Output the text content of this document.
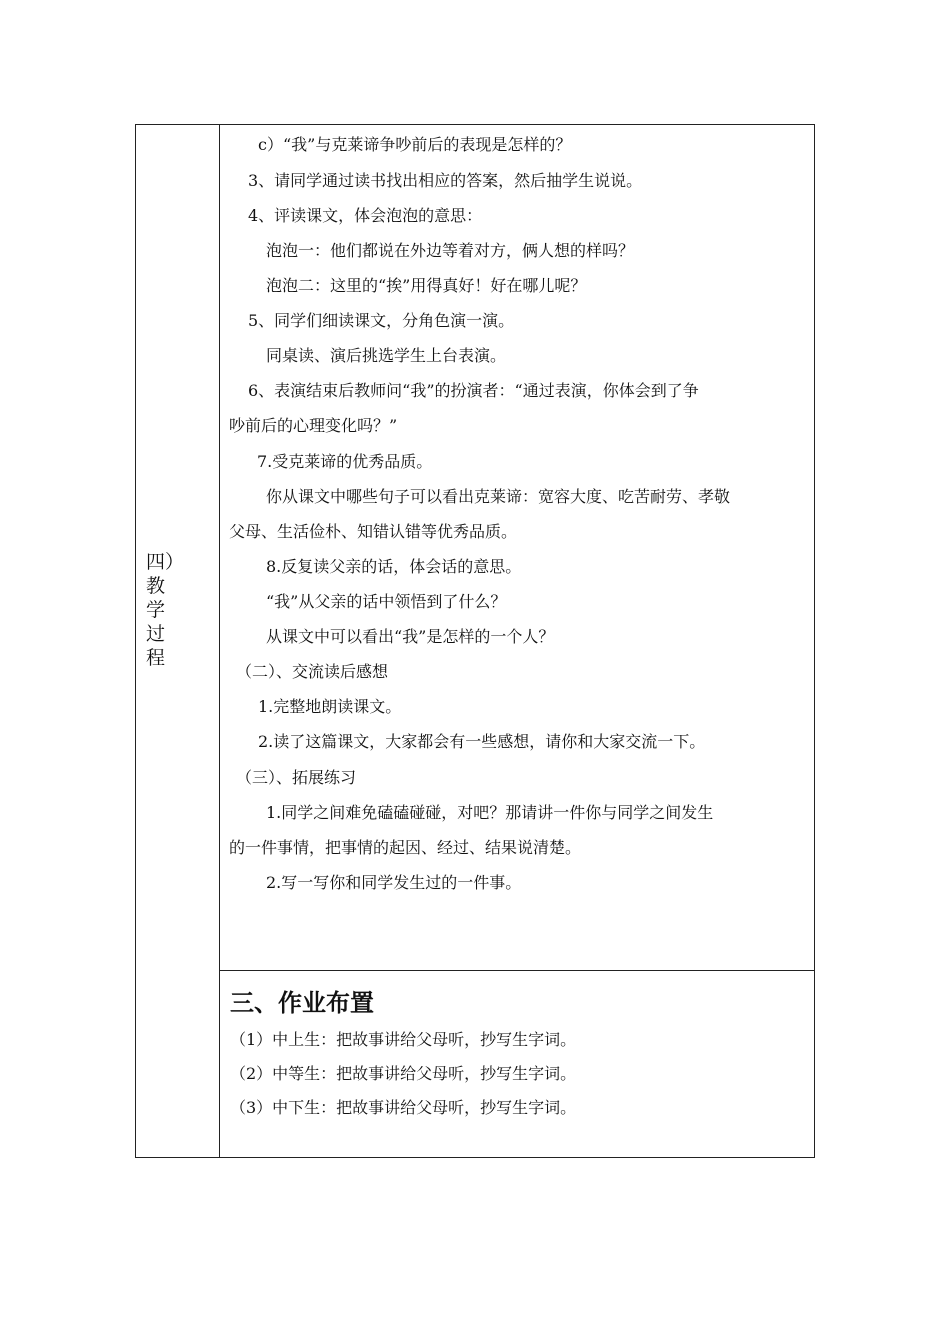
四）
教
学
过
程
c）“我”与克莱谛争吵前后的表现是怎样的？
3、请同学通过读书找出相应的答案，然后抽学生说说。
4、评读课文，体会泡泡的意思：
泡泡一：他们都说在外边等着对方，俩人想的样吗？
泡泡二：这里的“挨”用得真好！好在哪儿呢？
5、同学们细读课文，分角色演一演。
同桌读、演后挑选学生上台表演。
6、表演结束后教师问“我”的扮演者：“通过表演，你体会到了争
吵前后的心理变化吗？”
7.受克莱谛的优秀品质。
你从课文中哪些句子可以看出克莱谛：宽容大度、吃苦耐劳、孝敬
父母、生活俭朴、知错认错等优秀品质。
8.反复读父亲的话，体会话的意思。
“我”从父亲的话中领悟到了什么？
从课文中可以看出“我”是怎样的一个人？
（二）、交流读后感想
1.完整地朗读课文。
2.读了这篇课文，大家都会有一些感想，请你和大家交流一下。
（三）、拓展练习
1.同学之间难免磕磕碰碰，对吧？那请讲一件你与同学之间发生
的一件事情，把事情的起因、经过、结果说清楚。
2.写一写你和同学发生过的一件事。
三、作业布置
（1）中上生：把故事讲给父母听，抄写生字词。
（2）中等生：把故事讲给父母听，抄写生字词。
（3）中下生：把故事讲给父母听，抄写生字词。
